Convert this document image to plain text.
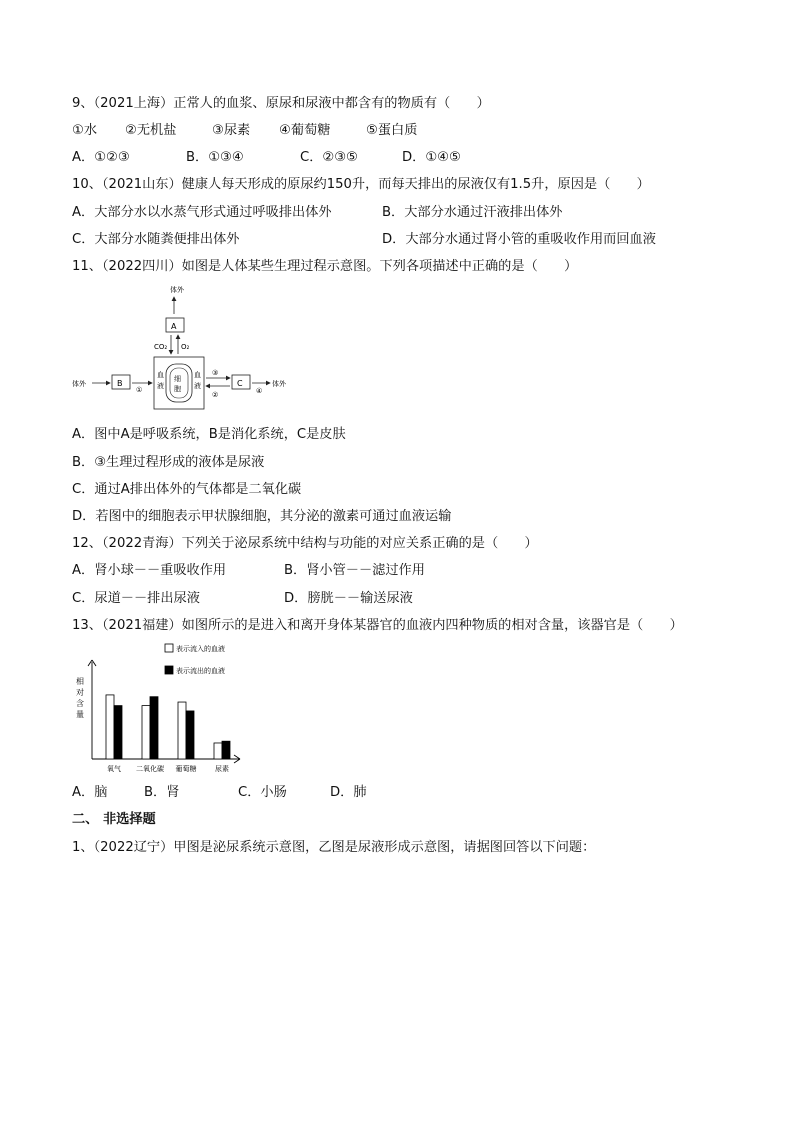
9、（2021上海）正常人的血浆、原尿和尿液中都含有的物质有（　　）
①水 ②无机盐	③尿素 ④葡萄糖	⑤蛋白质
A．①②③	B．①③④	C．②③⑤	D．①④⑤
10、（2021山东）健康人每天形成的原尿约150升，而每天排出的尿液仅有1.5升，原因是（　　）
A．大部分水以水蒸气形式通过呼吸排出体外	B．大部分水通过汗液排出体外
C．大部分水随粪便排出体外	D．大部分水通过肾小管的重吸收作用而回血液
11、（2022四川）如图是人体某些生理过程示意图。下列各项描述中正确的是（　　）
体外
A
CO₂ O₂
细
胞
血
液
血
液
体外	B
①
③
②
C
④
体外
A．图中A是呼吸系统，B是消化系统，C是皮肤
B．③生理过程形成的液体是尿液
C．通过A排出体外的气体都是二氧化碳
D．若图中的细胞表示甲状腺细胞，其分泌的激素可通过血液运输
12、（2022青海）下列关于泌尿系统中结构与功能的对应关系正确的是（　　）
A．肾小球－－重吸收作用	B．肾小管－－滤过作用
C．尿道－－排出尿液	D．膀胱－－输送尿液
13、（2021福建）如图所示的是进入和离开身体某器官的血液内四种物质的相对含量，该器官是（　　）
表示流入的血液
表示流出的血液
相
对
含
量
氧气 二氧化碳 葡萄糖	尿素
A．脑	B．肾	C．小肠	D．肺
二、 非选择题
1、（2022辽宁）甲图是泌尿系统示意图，乙图是尿液形成示意图，请据图回答以下问题：
